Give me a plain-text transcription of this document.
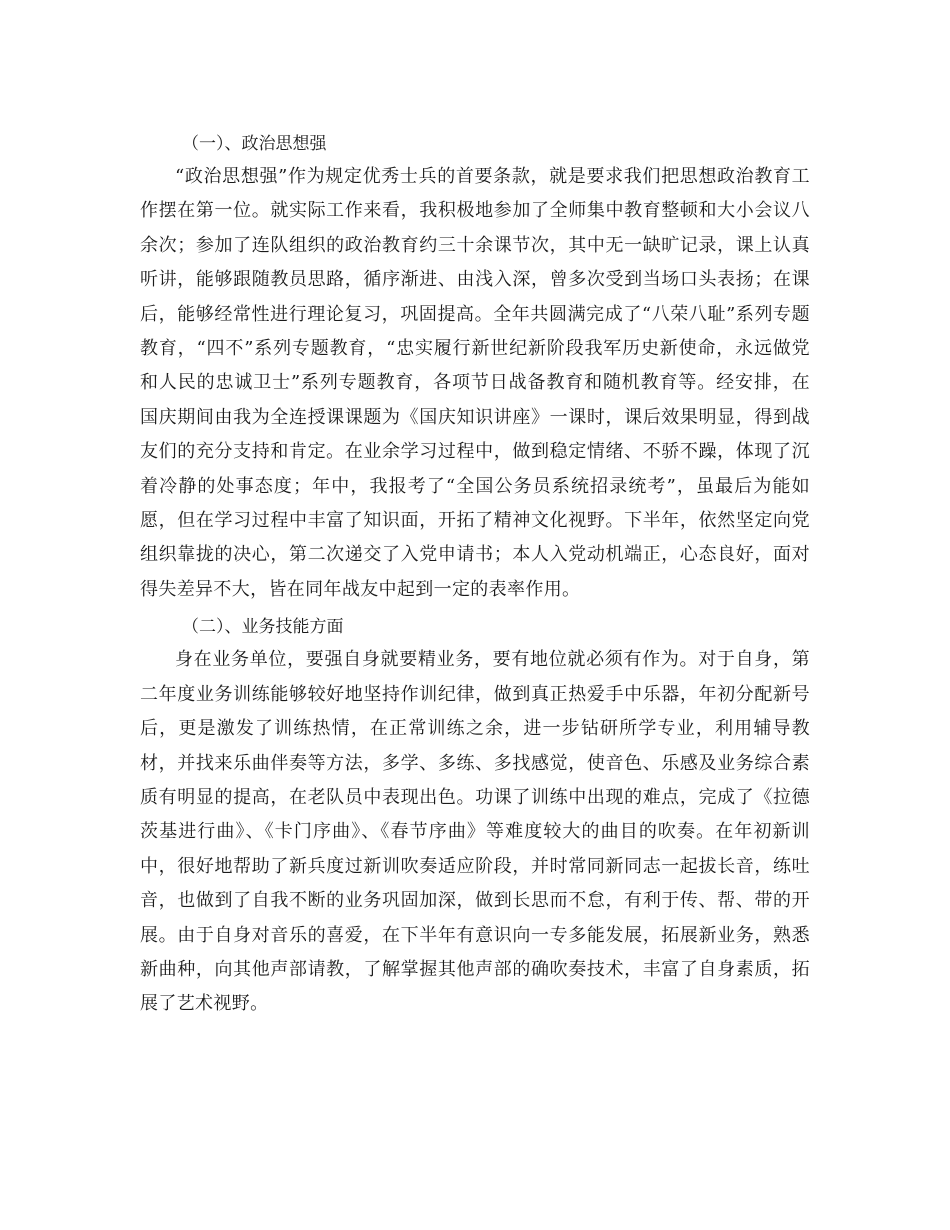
（一）、政治思想强

“政治思想强”作为规定优秀士兵的首要条款，就是要求我们把思想政治教育工作摆在第一位。就实际工作来看，我积极地参加了全师集中教育整顿和大小会议八余次；参加了连队组织的政治教育约三十余课节次，其中无一缺旷记录，课上认真听讲，能够跟随教员思路，循序渐进、由浅入深，曾多次受到当场口头表扬；在课后，能够经常性进行理论复习，巩固提高。全年共圆满完成了“八荣八耻”系列专题教育，“四不”系列专题教育，“忠实履行新世纪新阶段我军历史新使命，永远做党和人民的忠诚卫士”系列专题教育，各项节日战备教育和随机教育等。经安排，在国庆期间由我为全连授课课题为《国庆知识讲座》一课时，课后效果明显，得到战友们的充分支持和肯定。在业余学习过程中，做到稳定情绪、不骄不躁，体现了沉着冷静的处事态度；年中，我报考了“全国公务员系统招录统考”，虽最后为能如愿，但在学习过程中丰富了知识面，开拓了精神文化视野。下半年，依然坚定向党组织靠拢的决心，第二次递交了入党申请书；本人入党动机端正，心态良好，面对得失差异不大，皆在同年战友中起到一定的表率作用。

（二）、业务技能方面

身在业务单位，要强自身就要精业务，要有地位就必须有作为。对于自身，第二年度业务训练能够较好地坚持作训纪律，做到真正热爱手中乐器，年初分配新号后，更是激发了训练热情，在正常训练之余，进一步钻研所学专业，利用辅导教材，并找来乐曲伴奏等方法，多学、多练、多找感觉，使音色、乐感及业务综合素质有明显的提高，在老队员中表现出色。功课了训练中出现的难点，完成了《拉德茨基进行曲》、《卡门序曲》、《春节序曲》等难度较大的曲目的吹奏。在年初新训中，很好地帮助了新兵度过新训吹奏适应阶段，并时常同新同志一起拔长音，练吐音，也做到了自我不断的业务巩固加深，做到长思而不怠，有利于传、帮、带的开展。由于自身对音乐的喜爱，在下半年有意识向一专多能发展，拓展新业务，熟悉新曲种，向其他声部请教，了解掌握其他声部的确吹奏技术，丰富了自身素质，拓展了艺术视野。
